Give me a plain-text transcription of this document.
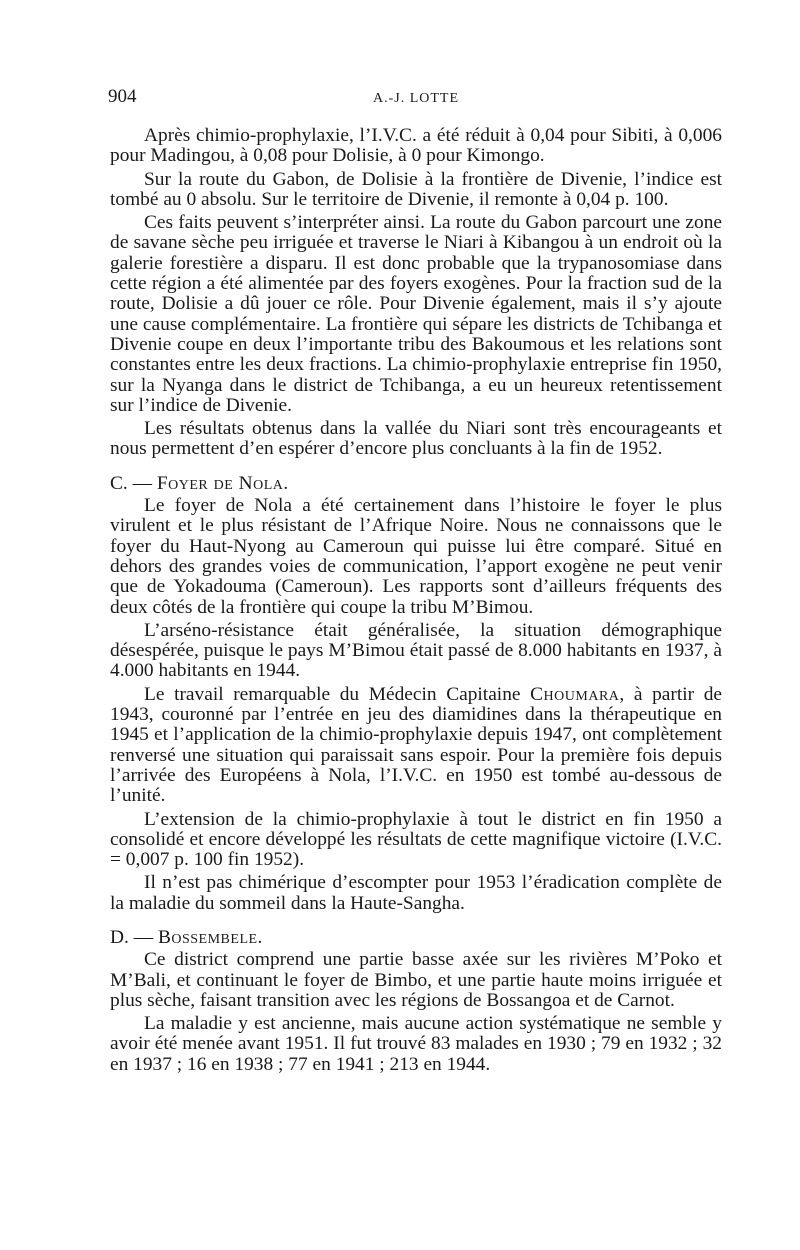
904	A.-J. LOTTE

Après chimio-prophylaxie, l’I.V.C. a été réduit à 0,04 pour Sibiti, à 0,006 pour Madingou, à 0,08 pour Dolisie, à 0 pour Kimongo.

Sur la route du Gabon, de Dolisie à la frontière de Divenie, l’indice est tombé au 0 absolu. Sur le territoire de Divenie, il remonte à 0,04 p. 100.

Ces faits peuvent s’interpréter ainsi. La route du Gabon parcourt une zone de savane sèche peu irriguée et traverse le Niari à Kibangou à un endroit où la galerie forestière a disparu. Il est donc probable que la trypanosomiase dans cette région a été alimentée par des foyers exogènes. Pour la fraction sud de la route, Dolisie a dû jouer ce rôle. Pour Divenie également, mais il s’y ajoute une cause complémentaire. La frontière qui sépare les districts de Tchibanga et Divenie coupe en deux l’importante tribu des Bakoumous et les relations sont constantes entre les deux fractions. La chimio-prophylaxie entreprise fin 1950, sur la Nyanga dans le district de Tchibanga, a eu un heureux retentissement sur l’indice de Divenie.

Les résultats obtenus dans la vallée du Niari sont très encourageants et nous permettent d’en espérer d’encore plus concluants à la fin de 1952.

C. — Foyer de Nola.

Le foyer de Nola a été certainement dans l’histoire le foyer le plus virulent et le plus résistant de l’Afrique Noire. Nous ne connaissons que le foyer du Haut-Nyong au Cameroun qui puisse lui être comparé. Situé en dehors des grandes voies de communication, l’apport exogène ne peut venir que de Yokadouma (Cameroun). Les rapports sont d’ailleurs fréquents des deux côtés de la frontière qui coupe la tribu M’Bimou.

L’arséno-résistance était généralisée, la situation démographique désespérée, puisque le pays M’Bimou était passé de 8.000 habitants en 1937, à 4.000 habitants en 1944.

Le travail remarquable du Médecin Capitaine Choumara, à partir de 1943, couronné par l’entrée en jeu des diamidines dans la thérapeutique en 1945 et l’application de la chimio-prophylaxie depuis 1947, ont complètement renversé une situation qui paraissait sans espoir. Pour la première fois depuis l’arrivée des Européens à Nola, l’I.V.C. en 1950 est tombé au-dessous de l’unité.

L’extension de la chimio-prophylaxie à tout le district en fin 1950 a consolidé et encore développé les résultats de cette magnifique victoire (I.V.C. = 0,007 p. 100 fin 1952).

Il n’est pas chimérique d’escompter pour 1953 l’éradication complète de la maladie du sommeil dans la Haute-Sangha.

D. — Bossembele.

Ce district comprend une partie basse axée sur les rivières M’Poko et M’Bali, et continuant le foyer de Bimbo, et une partie haute moins irriguée et plus sèche, faisant transition avec les régions de Bossangoa et de Carnot.

La maladie y est ancienne, mais aucune action systématique ne semble y avoir été menée avant 1951. Il fut trouvé 83 malades en 1930 ; 79 en 1932 ; 32 en 1937 ; 16 en 1938 ; 77 en 1941 ; 213 en 1944.
